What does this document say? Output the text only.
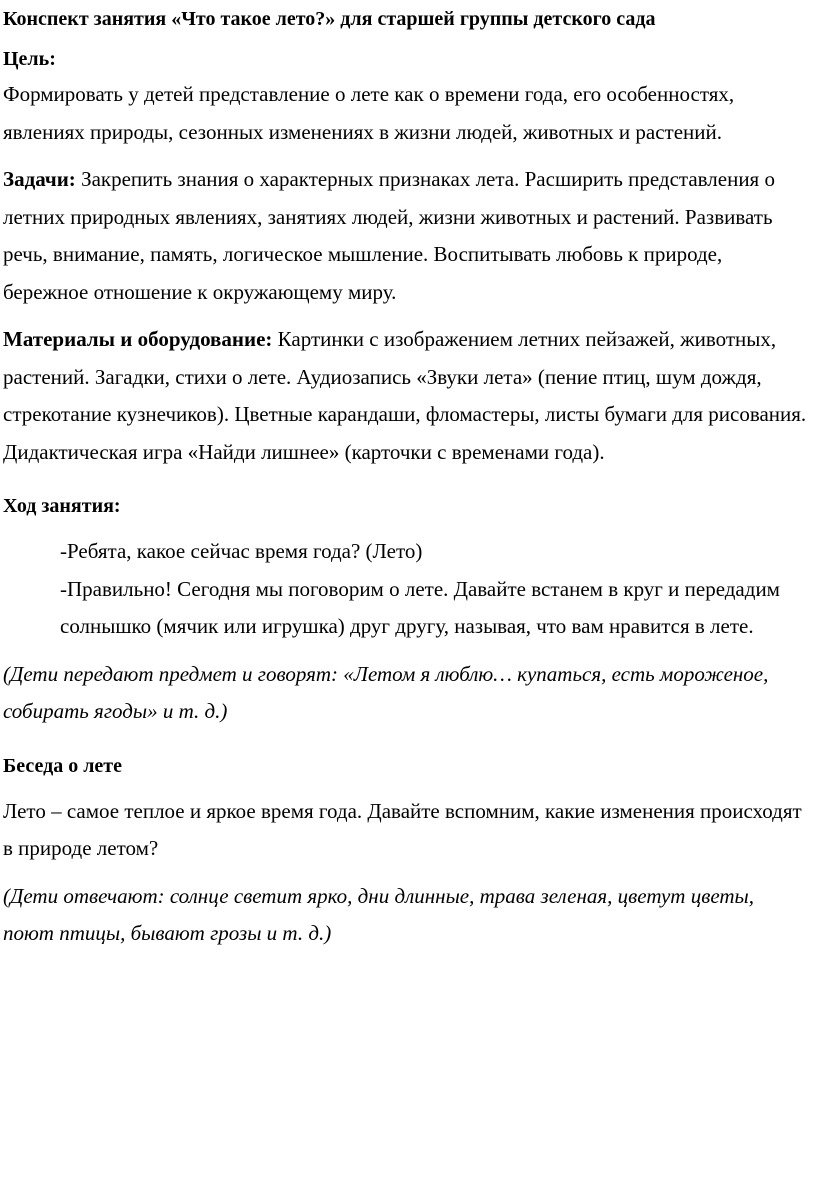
Конспект занятия «Что такое лето?» для старшей группы детского сада
Цель:

Формировать у детей представление о лете как о времени года, его особенностях, явлениях природы, сезонных изменениях в жизни людей, животных и растений.

Задачи: Закрепить знания о характерных признаках лета. Расширить представления о летних природных явлениях, занятиях людей, жизни животных и растений. Развивать речь, внимание, память, логическое мышление. Воспитывать любовь к природе, бережное отношение к окружающему миру.

Материалы и оборудование: Картинки с изображением летних пейзажей, животных, растений. Загадки, стихи о лете. Аудиозапись «Звуки лета» (пение птиц, шум дождя, стрекотание кузнечиков). Цветные карандаши, фломастеры, листы бумаги для рисования. Дидактическая игра «Найди лишнее» (карточки с временами года).

Ход занятия:

-Ребята, какое сейчас время года? (Лето)

-Правильно! Сегодня мы поговорим о лете. Давайте встанем в круг и передадим солнышко (мячик или игрушка) друг другу, называя, что вам нравится в лете.

(Дети передают предмет и говорят: «Летом я люблю… купаться, есть мороженое, собирать ягоды» и т. д.)

Беседа о лете

Лето – самое теплое и яркое время года. Давайте вспомним, какие изменения происходят в природе летом?

(Дети отвечают: солнце светит ярко, дни длинные, трава зеленая, цветут цветы, поют птицы, бывают грозы и т. д.)
